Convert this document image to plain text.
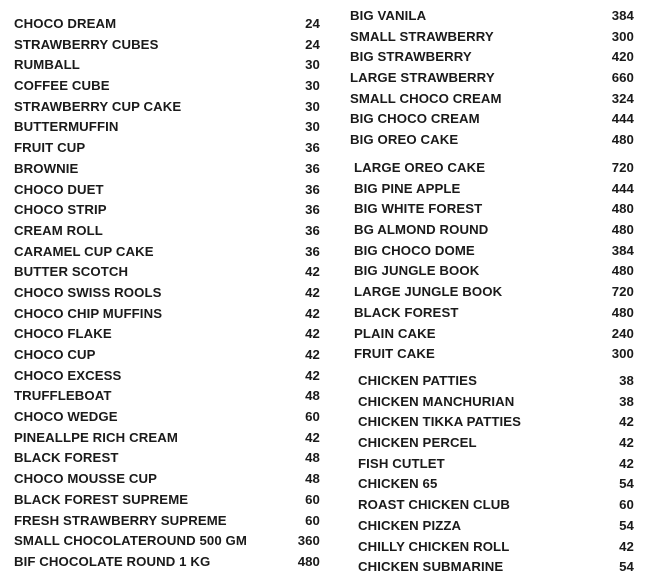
CHOCO DREAM	24
STRAWBERRY CUBES	24
RUMBALL	30
COFFEE CUBE	30
STRAWBERRY CUP CAKE	30
BUTTERMUFFIN	30
FRUIT CUP	36
BROWNIE	36
CHOCO DUET	36
CHOCO STRIP	36
CREAM ROLL	36
CARAMEL CUP CAKE	36
BUTTER SCOTCH	42
CHOCO SWISS ROOLS	42
CHOCO CHIP MUFFINS	42
CHOCO FLAKE	42
CHOCO CUP	42
CHOCO EXCESS	42
TRUFFLEBOAT	48
CHOCO WEDGE	60
PINEALLPE RICH CREAM	42
BLACK FOREST	48
CHOCO MOUSSE CUP	48
BLACK FOREST SUPREME	60
FRESH STRAWBERRY SUPREME	60
SMALL CHOCOLATEROUND 500 GM	360
BIF CHOCOLATE ROUND 1 KG	480
BIG VANILA	384
SMALL STRAWBERRY	300
BIG STRAWBERRY	420
LARGE STRAWBERRY	660
SMALL CHOCO CREAM	324
BIG CHOCO CREAM	444
BIG OREO CAKE	480
LARGE OREO CAKE	720
BIG PINE APPLE	444
BIG WHITE FOREST	480
BG ALMOND ROUND	480
BIG CHOCO DOME	384
BIG JUNGLE BOOK	480
LARGE JUNGLE BOOK	720
BLACK FOREST	480
PLAIN CAKE	240
FRUIT CAKE	300
CHICKEN PATTIES	38
CHICKEN MANCHURIAN	38
CHICKEN TIKKA PATTIES	42
CHICKEN PERCEL	42
FISH CUTLET	42
CHICKEN 65	54
ROAST CHICKEN CLUB	60
CHICKEN PIZZA	54
CHILLY CHICKEN ROLL	42
CHICKEN SUBMARINE	54
